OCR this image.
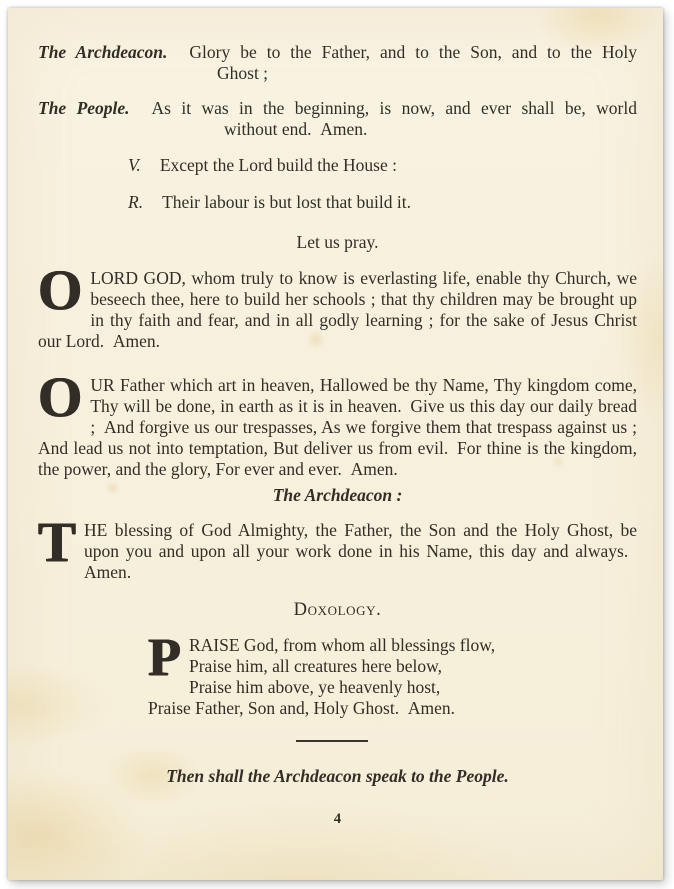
The Archdeacon. Glory be to the Father, and to the Son, and to the Holy
Ghost ;
The People. As it was in the beginning, is now, and ever shall be, world
without end. Amen.
V. Except the Lord build the House :
R. Their labour is but lost that build it.
Let us pray.

OLORD GOD, whom truly to know is everlasting life, enable thy Church, we beseech thee, here to build her schools ; that thy children may be brought up in thy faith and fear, and in all godly learning ; for the sake of Jesus Christ our Lord. Amen.

OUR Father which art in heaven, Hallowed be thy Name, Thy kingdom come, Thy will be done, in earth as it is in heaven. Give us this day our daily bread ; And forgive us our trespasses, As we forgive them that trespass against us ; And lead us not into temptation, But deliver us from evil. For thine is the kingdom, the power, and the glory, For ever and ever. Amen.

The Archdeacon :

THE blessing of God Almighty, the Father, the Son and the Holy Ghost, be upon you and upon all your work done in his Name, this day and always. Amen.

Doxology.
P RAISE God, from whom all blessings flow,
Praise him, all creatures here below,
Praise him above, ye heavenly host,
Praise Father, Son and, Holy Ghost. Amen.
Then shall the Archdeacon speak to the People.
4
